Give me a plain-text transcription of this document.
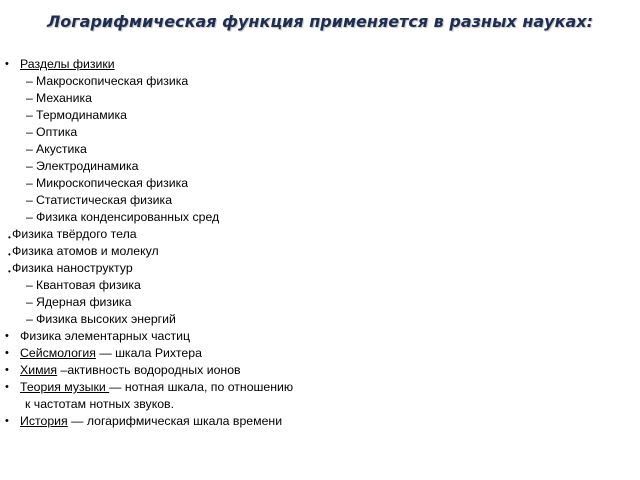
Логарифмическая функция применяется в разных науках:
• Разделы физики
– Макроскопическая физика
– Механика
– Термодинамика
– Оптика
– Акустика
– Электродинамика
– Микроскопическая физика
– Статистическая физика
– Физика конденсированных сред
• Физика твёрдого тела
• Физика атомов и молекул
• Физика наноструктур
– Квантовая физика
– Ядерная физика
– Физика высоких энергий
• Физика элементарных частиц
• Сейсмология — шкала Рихтера
• Химия –активность водородных ионов
• Теория музыки — нотная шкала, по отношению
к частотам нотных звуков.
• История — логарифмическая шкала времени
